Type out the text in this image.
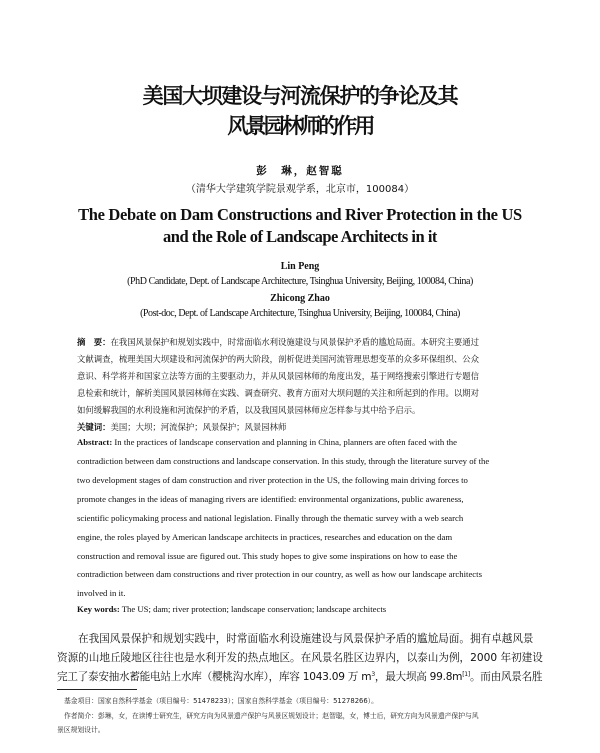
美国大坝建设与河流保护的争论及其
风景园林师的作用
彭　琳，赵智聪
（清华大学建筑学院景观学系，北京市，100084）
The Debate on Dam Constructions and River Protection in the US
and the Role of Landscape Architects in it
Lin Peng
(PhD Candidate, Dept. of Landscape Architecture, Tsinghua University, Beijing, 100084, China)
Zhicong Zhao
(Post-doc, Dept. of Landscape Architecture, Tsinghua University, Beijing, 100084, China)
摘　要：在我国风景保护和规划实践中，时常面临水利设施建设与风景保护矛盾的尴尬局面。本研究主要通过
文献调查，梳理美国大坝建设和河流保护的两大阶段，剖析促进美国河流管理思想变革的众多环保组织、公众
意识、科学将并和国家立法等方面的主要驱动力，并从风景园林师的角度出发，基于网络搜索引擎进行专题信
息检索和统计，解析美国风景园林师在实践、调查研究、教育方面对大坝问题的关注和所起到的作用。以期对
如何缓解我国的水利设施和河流保护的矛盾，以及我国风景园林师应怎样参与其中给予启示。
关键词：美国；大坝；河流保护；风景保护；风景园林师
Abstract: In the practices of landscape conservation and planning in China, planners are often faced with the
contradiction between dam constructions and landscape conservation. In this study, through the literature survey of the
two development stages of dam construction and river protection in the US, the following main driving forces to
promote changes in the ideas of managing rivers are identified: environmental organizations, public awareness,
scientific policymaking process and national legislation. Finally through the thematic survey with a web search
engine, the roles played by American landscape architects in practices, researches and education on the dam
construction and removal issue are figured out. This study hopes to give some inspirations on how to ease the
contradiction between dam constructions and river protection in our country, as well as how our landscape architects
involved in it.
Key words: The US; dam; river protection; landscape conservation; landscape architects
在我国风景保护和规划实践中，时常面临水利设施建设与风景保护矛盾的尴尬局面。拥有卓越风景
资源的山地丘陵地区往往也是水利开发的热点地区。在风景名胜区边界内，以泰山为例，2000 年初建设
完工了泰安抽水蓄能电站上水库（樱桃沟水库），库容 1043.09 万 $m^3$，最大坝高 99.8m[1]。而由风景名胜
基金项目：国家自然科学基金（项目编号：51478233）；国家自然科学基金（项目编号：51278266）。
作者简介：彭琳，女，在读博士研究生，研究方向为风景遗产保护与风景区规划设计；赵智聪，女，博士后，研究方向为风景遗产保护与风
景区规划设计。
